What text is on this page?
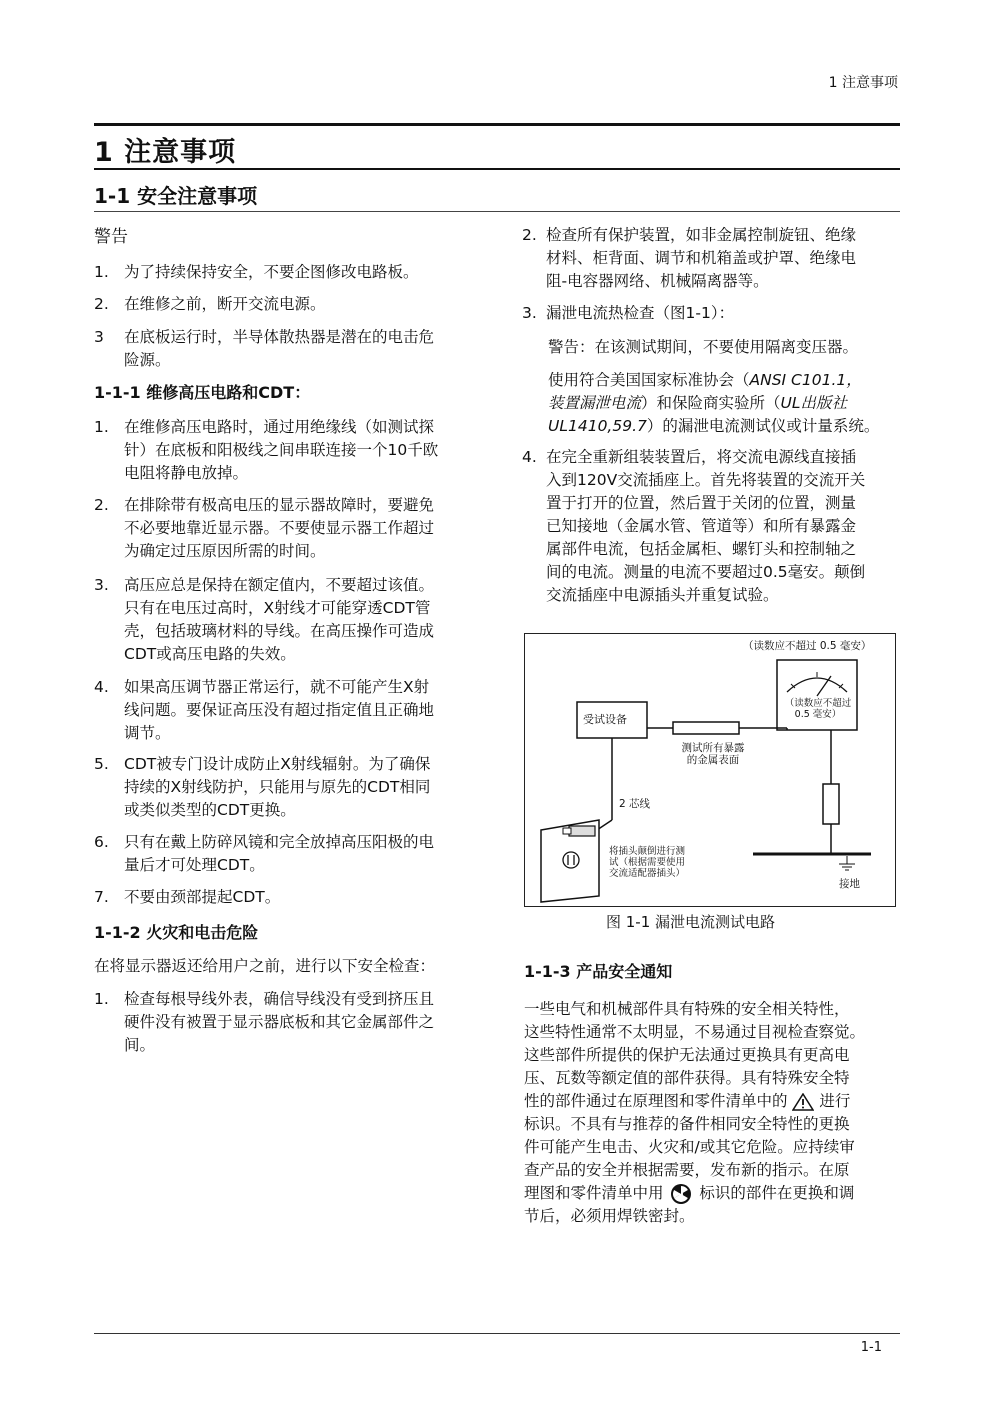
1 注意事项
1 注意事项
1-1 安全注意事项
警告
1. 为了持续保持安全，不要企图修改电路板。
2. 在维修之前，断开交流电源。
3 在底板运行时，半导体散热器是潜在的电击危
险源。
1-1-1 维修高压电路和CDT：
1. 在维修高压电路时，通过用绝缘线（如测试探
针）在底板和阳极线之间串联连接一个10千欧
电阻将静电放掉。
2. 在排除带有极高电压的显示器故障时，要避免
不必要地靠近显示器。不要使显示器工作超过
为确定过压原因所需的时间。
3. 高压应总是保持在额定值内，不要超过该值。
只有在电压过高时，X射线才可能穿透CDT管
壳，包括玻璃材料的导线。在高压操作可造成
CDT或高压电路的失效。
4. 如果高压调节器正常运行，就不可能产生X射
线问题。要保证高压没有超过指定值且正确地
调节。
5. CDT被专门设计成防止X射线辐射。为了确保
持续的X射线防护，只能用与原先的CDT相同
或类似类型的CDT更换。
6. 只有在戴上防碎风镜和完全放掉高压阳极的电
量后才可处理CDT。
7. 不要由颈部提起CDT。
1-1-2 火灾和电击危险
在将显示器返还给用户之前，进行以下安全检查：
1. 检查每根导线外表，确信导线没有受到挤压且
硬件没有被置于显示器底板和其它金属部件之
间。
2. 检查所有保护装置，如非金属控制旋钮、绝缘
材料、柜背面、调节和机箱盖或护罩、绝缘电
阻-电容器网络、机械隔离器等。
3. 漏泄电流热检查（图1-1）：
警告：在该测试期间，不要使用隔离变压器。
使用符合美国国家标准协会（ANSI C101.1，
装置漏泄电流）和保险商实验所（UL出版社
UL1410,59.7）的漏泄电流测试仪或计量系统。
4. 在完全重新组装装置后，将交流电源线直接插
入到120V交流插座上。首先将装置的交流开关
置于打开的位置，然后置于关闭的位置，测量
已知接地（金属水管、管道等）和所有暴露金
属部件电流，包括金属柜、螺钉头和控制轴之
间的电流。测量的电流不要超过0.5毫安。颠倒
交流插座中电源插头并重复试验。
（读数应不超过 0.5 毫安）
（读数应不超过
0.5 毫安）
受试设备
测试所有暴露
的金属表面
2 芯线
将插头颠倒进行测
试（根据需要使用
交流适配器插头）
接地
图 1-1 漏泄电流测试电路
1-1-3 产品安全通知
一些电气和机械部件具有特殊的安全相关特性，
这些特性通常不太明显，不易通过目视检查察觉。
这些部件所提供的保护无法通过更换具有更高电
压、瓦数等额定值的部件获得。具有特殊安全特
性的部件通过在原理图和零件清单中的 进行
标识。不具有与推荐的备件相同安全特性的更换
件可能产生电击、火灾和/或其它危险。应持续审
查产品的安全并根据需要，发布新的指示。在原
理图和零件清单中用 标识的部件在更换和调
节后，必须用焊铁密封。
1-1
